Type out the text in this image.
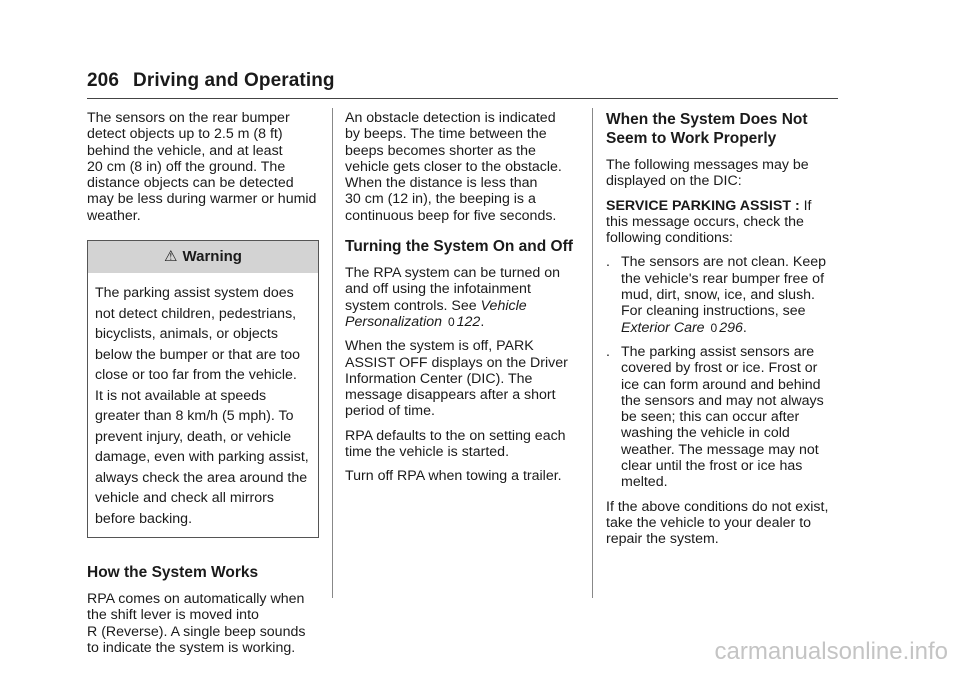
206 Driving and Operating

The sensors on the rear bumper
detect objects up to 2.5 m (8 ft)
behind the vehicle, and at least
20 cm (8 in) off the ground. The
distance objects can be detected
may be less during warmer or humid
weather.

⚠ Warning
The parking assist system does
not detect children, pedestrians,
bicyclists, animals, or objects
below the bumper or that are too
close or too far from the vehicle.
It is not available at speeds
greater than 8 km/h (5 mph). To
prevent injury, death, or vehicle
damage, even with parking assist,
always check the area around the
vehicle and check all mirrors
before backing.
How the System Works

RPA comes on automatically when
the shift lever is moved into
R (Reverse). A single beep sounds
to indicate the system is working.

An obstacle detection is indicated
by beeps. The time between the
beeps becomes shorter as the
vehicle gets closer to the obstacle.
When the distance is less than
30 cm (12 in), the beeping is a
continuous beep for five seconds.

Turning the System On and Off

The RPA system can be turned on
and off using the infotainment
system controls. See Vehicle
Personalization 0 122.

When the system is off, PARK
ASSIST OFF displays on the Driver
Information Center (DIC). The
message disappears after a short
period of time.

RPA defaults to the on setting each
time the vehicle is started.

Turn off RPA when towing a trailer.

When the System Does Not
Seem to Work Properly

The following messages may be
displayed on the DIC:

SERVICE PARKING ASSIST : If
this message occurs, check the
following conditions:

. The sensors are not clean. Keep
the vehicle's rear bumper free of
mud, dirt, snow, ice, and slush.
For cleaning instructions, see
Exterior Care 0 296.
. The parking assist sensors are
covered by frost or ice. Frost or
ice can form around and behind
the sensors and may not always
be seen; this can occur after
washing the vehicle in cold
weather. The message may not
clear until the frost or ice has
melted.

If the above conditions do not exist,
take the vehicle to your dealer to
repair the system.

carmanualsonline.info
